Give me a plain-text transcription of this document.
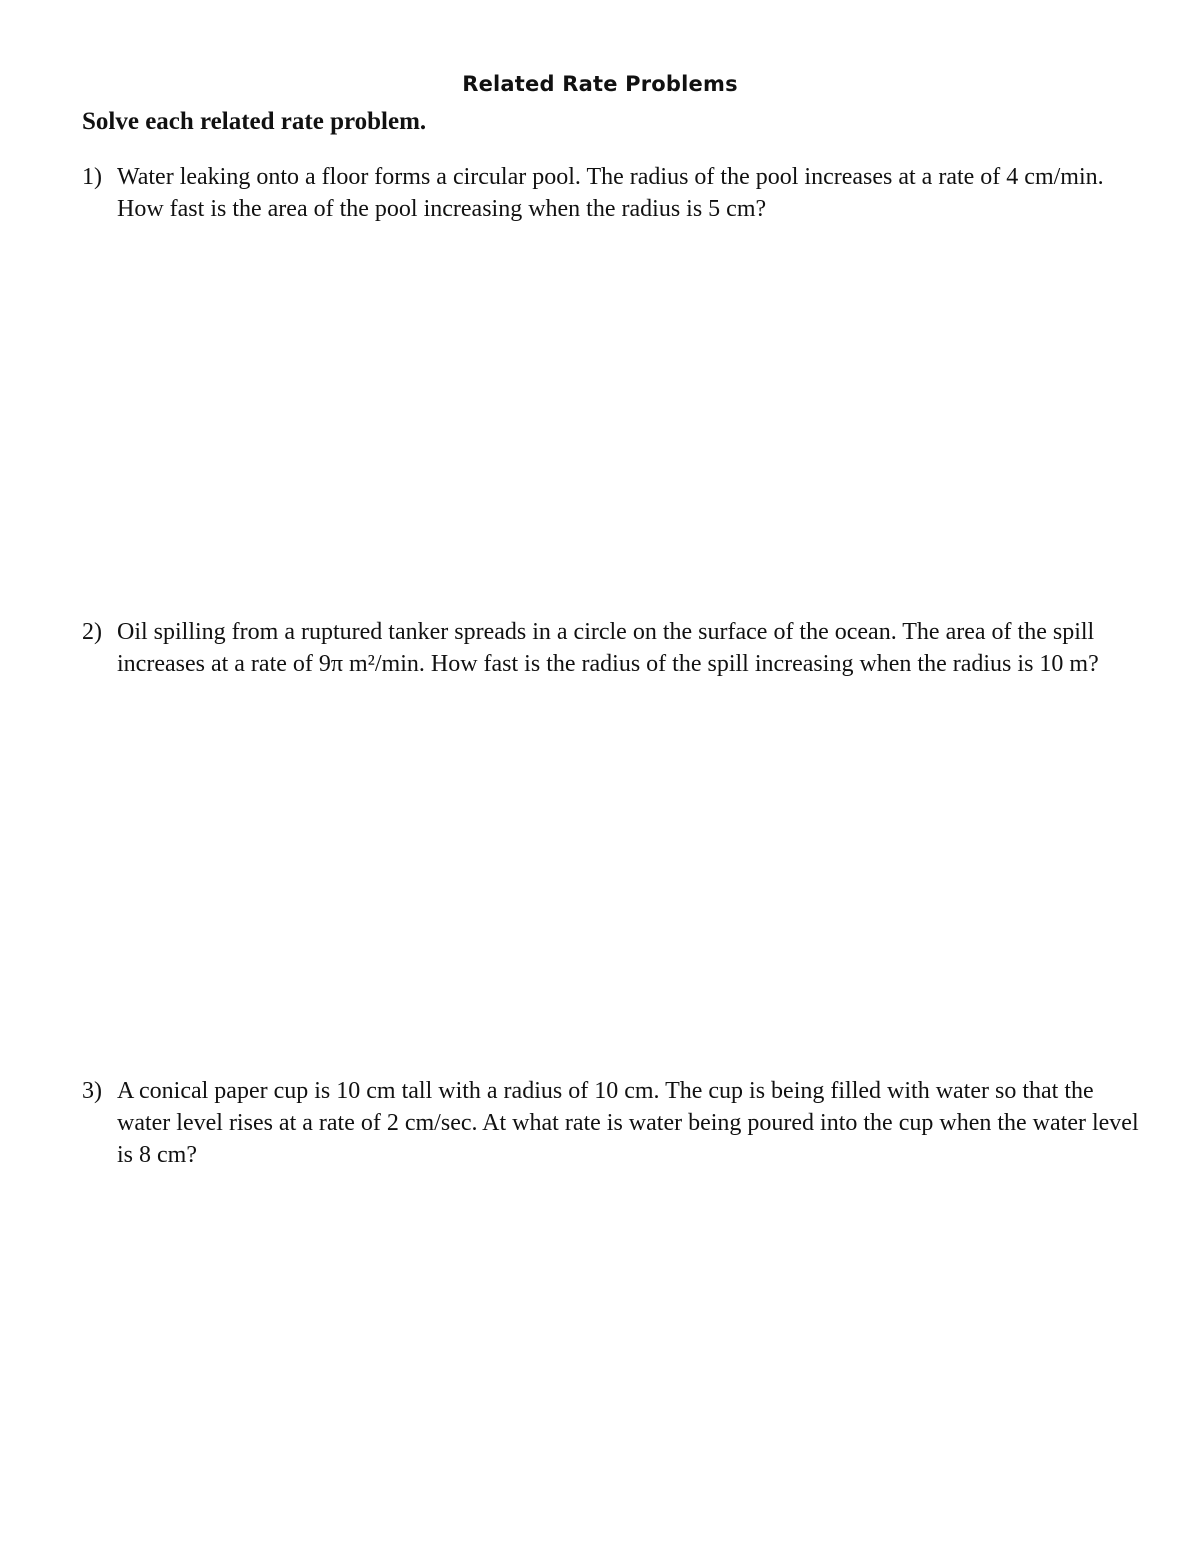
Related Rate Problems
Solve each related rate problem.
1) Water leaking onto a floor forms a circular pool. The radius of the pool increases at a rate of 4 cm/min. How fast is the area of the pool increasing when the radius is 5 cm?
2) Oil spilling from a ruptured tanker spreads in a circle on the surface of the ocean. The area of the spill increases at a rate of 9π m²/min. How fast is the radius of the spill increasing when the radius is 10 m?
3) A conical paper cup is 10 cm tall with a radius of 10 cm. The cup is being filled with water so that the water level rises at a rate of 2 cm/sec. At what rate is water being poured into the cup when the water level is 8 cm?
